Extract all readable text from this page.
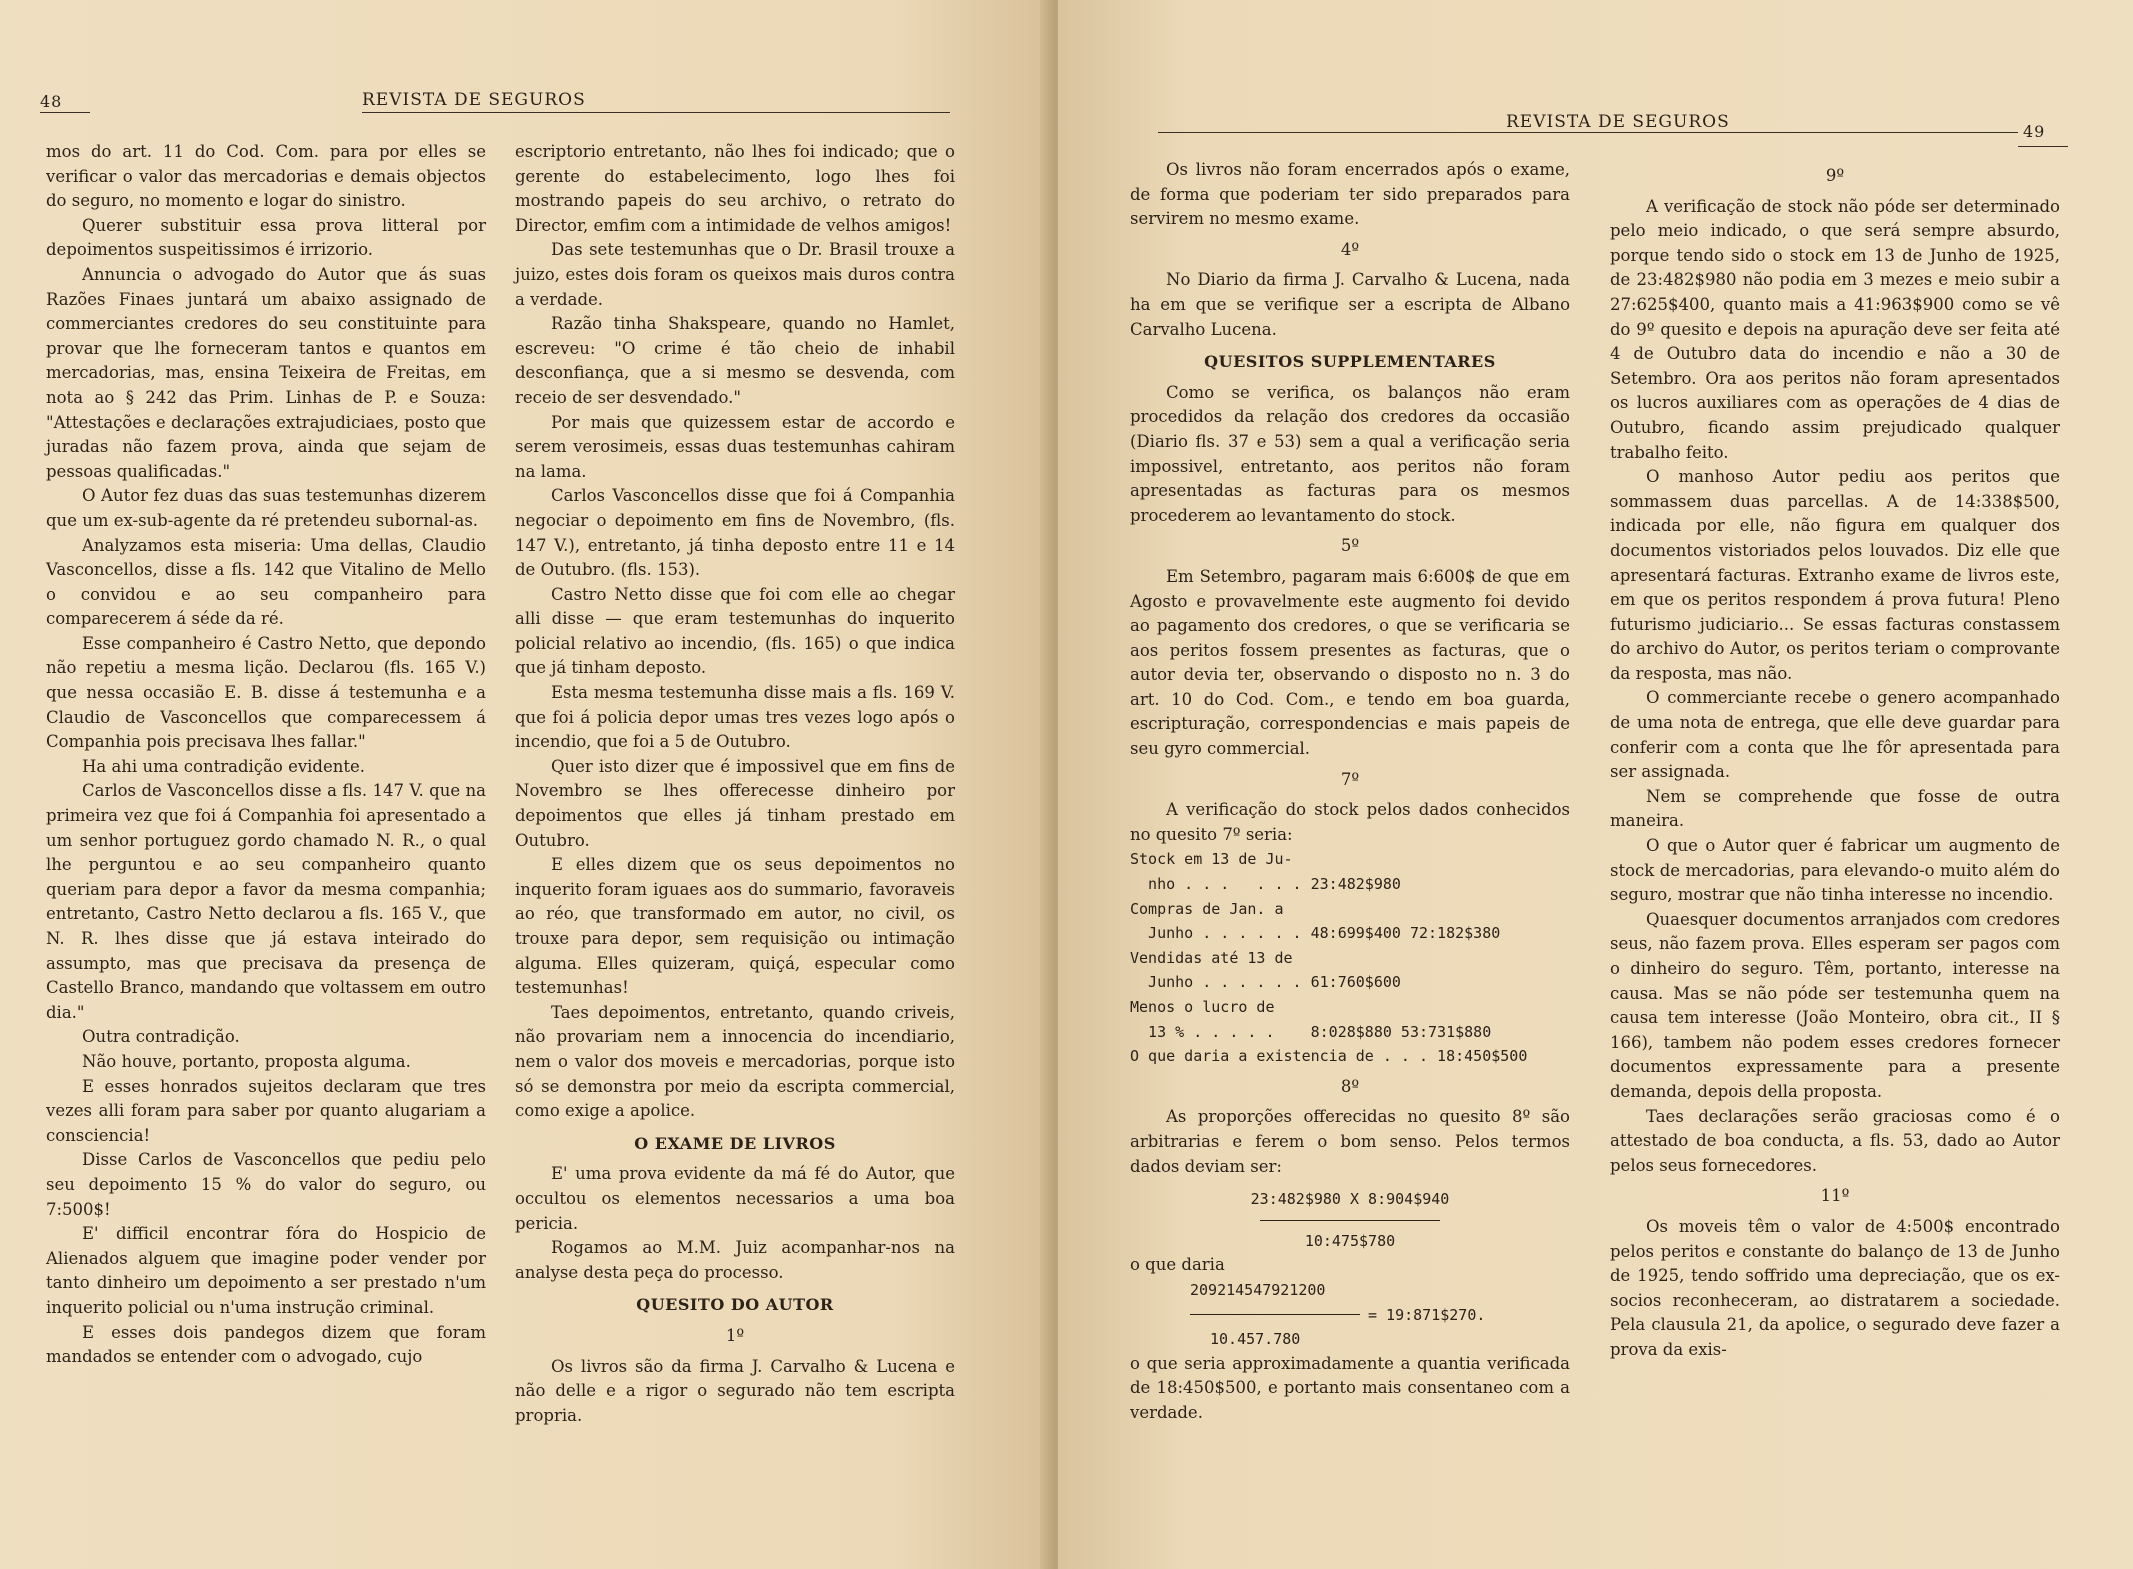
48	REVISTA DE SEGUROS

mos do art. 11 do Cod. Com. para por elles se verificar o valor das mercadorias e demais objectos do seguro, no momento e logar do sinistro.

Querer substituir essa prova litteral por depoimentos suspeitissimos é irrizorio.

Annuncia o advogado do Autor que ás suas Razões Finaes juntará um abaixo assignado de commerciantes credores do seu constituinte para provar que lhe forneceram tantos e quantos em mercadorias, mas, ensina Teixeira de Freitas, em nota ao § 242 das Prim. Linhas de P. e Souza: "Attestações e declarações extrajudiciaes, posto que juradas não fazem prova, ainda que sejam de pessoas qualificadas."

O Autor fez duas das suas testemunhas dizerem que um ex-sub-agente da ré pretendeu subornal-as.

Analyzamos esta miseria: Uma dellas, Claudio Vasconcellos, disse a fls. 142 que Vitalino de Mello o convidou e ao seu companheiro para comparecerem á séde da ré.

Esse companheiro é Castro Netto, que depondo não repetiu a mesma lição. Declarou (fls. 165 V.) que nessa occasião E. B. disse á testemunha e a Claudio de Vasconcellos que comparecessem á Companhia pois precisava lhes fallar."

Ha ahi uma contradição evidente.

Carlos de Vasconcellos disse a fls. 147 V. que na primeira vez que foi á Companhia foi apresentado a um senhor portuguez gordo chamado N. R., o qual lhe perguntou e ao seu companheiro quanto queriam para depor a favor da mesma companhia; entretanto, Castro Netto declarou a fls. 165 V., que N. R. lhes disse que já estava inteirado do assumpto, mas que precisava da presença de Castello Branco, mandando que voltassem em outro dia."

Outra contradição.

Não houve, portanto, proposta alguma.

E esses honrados sujeitos declaram que tres vezes alli foram para saber por quanto alugariam a consciencia!

Disse Carlos de Vasconcellos que pediu pelo seu depoimento 15 % do valor do seguro, ou 7:500$!

E' difficil encontrar fóra do Hospicio de Alienados alguem que imagine poder vender por tanto dinheiro um depoimento a ser prestado n'um inquerito policial ou n'uma instrução criminal.

E esses dois pandegos dizem que foram mandados se entender com o advogado, cujo

escriptorio entretanto, não lhes foi indicado; que o gerente do estabelecimento, logo lhes foi mostrando papeis do seu archivo, o retrato do Director, emfim com a intimidade de velhos amigos!

Das sete testemunhas que o Dr. Brasil trouxe a juizo, estes dois foram os queixos mais duros contra a verdade.

Razão tinha Shakspeare, quando no Hamlet, escreveu: "O crime é tão cheio de inhabil desconfiança, que a si mesmo se desvenda, com receio de ser desvendado."

Por mais que quizessem estar de accordo e serem verosimeis, essas duas testemunhas cahiram na lama.

Carlos Vasconcellos disse que foi á Companhia negociar o depoimento em fins de Novembro, (fls. 147 V.), entretanto, já tinha deposto entre 11 e 14 de Outubro. (fls. 153).

Castro Netto disse que foi com elle ao chegar alli disse — que eram testemunhas do inquerito policial relativo ao incendio, (fls. 165) o que indica que já tinham deposto.

Esta mesma testemunha disse mais a fls. 169 V. que foi á policia depor umas tres vezes logo após o incendio, que foi a 5 de Outubro.

Quer isto dizer que é impossivel que em fins de Novembro se lhes offerecesse dinheiro por depoimentos que elles já tinham prestado em Outubro.

E elles dizem que os seus depoimentos no inquerito foram iguaes aos do summario, favoraveis ao réo, que transformado em autor, no civil, os trouxe para depor, sem requisição ou intimação alguma. Elles quizeram, quiçá, especular como testemunhas!

Taes depoimentos, entretanto, quando criveis, não provariam nem a innocencia do incendiario, nem o valor dos moveis e mercadorias, porque isto só se demonstra por meio da escripta commercial, como exige a apolice.

O EXAME DE LIVROS

E' uma prova evidente da má fé do Autor, que occultou os elementos necessarios a uma boa pericia.

Rogamos ao M.M. Juiz acompanhar-nos na analyse desta peça do processo.

QUESITO DO AUTOR

1º

Os livros são da firma J. Carvalho & Lucena e não delle e a rigor o segurado não tem escripta propria.

REVISTA DE SEGUROS	49

Os livros não foram encerrados após o exame, de forma que poderiam ter sido preparados para servirem no mesmo exame.

4º

No Diario da firma J. Carvalho & Lucena, nada ha em que se verifique ser a escripta de Albano Carvalho Lucena.

QUESITOS SUPPLEMENTARES

Como se verifica, os balanços não eram procedidos da relação dos credores da occasião (Diario fls. 37 e 53) sem a qual a verificação seria impossivel, entretanto, aos peritos não foram apresentadas as facturas para os mesmos procederem ao levantamento do stock.

5º

Em Setembro, pagaram mais 6:600$ de que em Agosto e provavelmente este augmento foi devido ao pagamento dos credores, o que se verificaria se aos peritos fossem presentes as facturas, que o autor devia ter, observando o disposto no n. 3 do art. 10 do Cod. Com., e tendo em boa guarda, escripturação, correspondencias e mais papeis de seu gyro commercial.

7º

A verificação do stock pelos dados conhecidos no quesito 7º seria:

Stock em 13 de Ju-
nho . . .   . . . 23:482$980
Compras de Jan. a
Junho . . . . . . 48:699$400 72:182$380
Vendidas até 13 de
Junho . . . . . . 61:760$600
Menos o lucro de
13 % . . . . .    8:028$880 53:731$880
O que daria a existencia de . . . 18:450$500

8º

As proporções offerecidas no quesito 8º são arbitrarias e ferem o bom senso. Pelos termos dados deviam ser:

23:482$980 X 8:904$940
10:475$780

o que daria

209214547921200
= 19:871$270.
10.457.780

o que seria approximadamente a quantia verificada de 18:450$500, e portanto mais consentaneo com a verdade.

9º

A verificação de stock não póde ser determinado pelo meio indicado, o que será sempre absurdo, porque tendo sido o stock em 13 de Junho de 1925, de 23:482$980 não podia em 3 mezes e meio subir a 27:625$400, quanto mais a 41:963$900 como se vê do 9º quesito e depois na apuração deve ser feita até 4 de Outubro data do incendio e não a 30 de Setembro. Ora aos peritos não foram apresentados os lucros auxiliares com as operações de 4 dias de Outubro, ficando assim prejudicado qualquer trabalho feito.

O manhoso Autor pediu aos peritos que sommassem duas parcellas. A de 14:338$500, indicada por elle, não figura em qualquer dos documentos vistoriados pelos louvados. Diz elle que apresentará facturas. Extranho exame de livros este, em que os peritos respondem á prova futura! Pleno futurismo judiciario... Se essas facturas constassem do archivo do Autor, os peritos teriam o comprovante da resposta, mas não.

O commerciante recebe o genero acompanhado de uma nota de entrega, que elle deve guardar para conferir com a conta que lhe fôr apresentada para ser assignada.

Nem se comprehende que fosse de outra maneira.

O que o Autor quer é fabricar um augmento de stock de mercadorias, para elevando-o muito além do seguro, mostrar que não tinha interesse no incendio.

Quaesquer documentos arranjados com credores seus, não fazem prova. Elles esperam ser pagos com o dinheiro do seguro. Têm, portanto, interesse na causa. Mas se não póde ser testemunha quem na causa tem interesse (João Monteiro, obra cit., II § 166), tambem não podem esses credores fornecer documentos expressamente para a presente demanda, depois della proposta.

Taes declarações serão graciosas como é o attestado de boa conducta, a fls. 53, dado ao Autor pelos seus fornecedores.

11º

Os moveis têm o valor de 4:500$ encontrado pelos peritos e constante do balanço de 13 de Junho de 1925, tendo soffrido uma depreciação, que os ex-socios reconheceram, ao distratarem a sociedade. Pela clausula 21, da apolice, o segurado deve fazer a prova da exis-
